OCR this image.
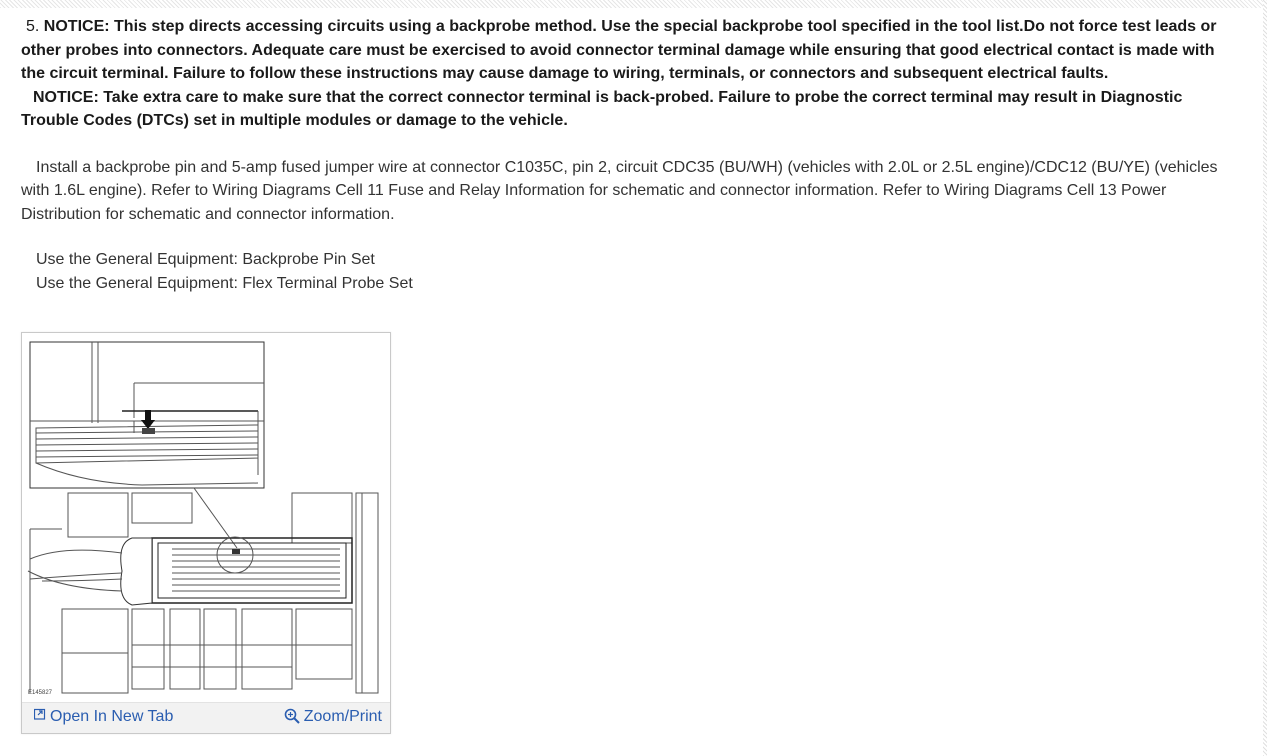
5. NOTICE: This step directs accessing circuits using a backprobe method. Use the special backprobe tool specified in the tool list.Do not force test leads or other probes into connectors. Adequate care must be exercised to avoid connector terminal damage while ensuring that good electrical contact is made with the circuit terminal. Failure to follow these instructions may cause damage to wiring, terminals, or connectors and subsequent electrical faults.

NOTICE: Take extra care to make sure that the correct connector terminal is back-probed. Failure to probe the correct terminal may result in Diagnostic Trouble Codes (DTCs) set in multiple modules or damage to the vehicle.

Install a backprobe pin and 5-amp fused jumper wire at connector C1035C, pin 2, circuit CDC35 (BU/WH) (vehicles with 2.0L or 2.5L engine)/CDC12 (BU/YE) (vehicles with 1.6L engine). Refer to Wiring Diagrams Cell 11 Fuse and Relay Information for schematic and connector information. Refer to Wiring Diagrams Cell 13 Power Distribution for schematic and connector information.

Use the General Equipment: Backprobe Pin Set

Use the General Equipment: Flex Terminal Probe Set

E145827
Open In New Tab	Zoom/Print
